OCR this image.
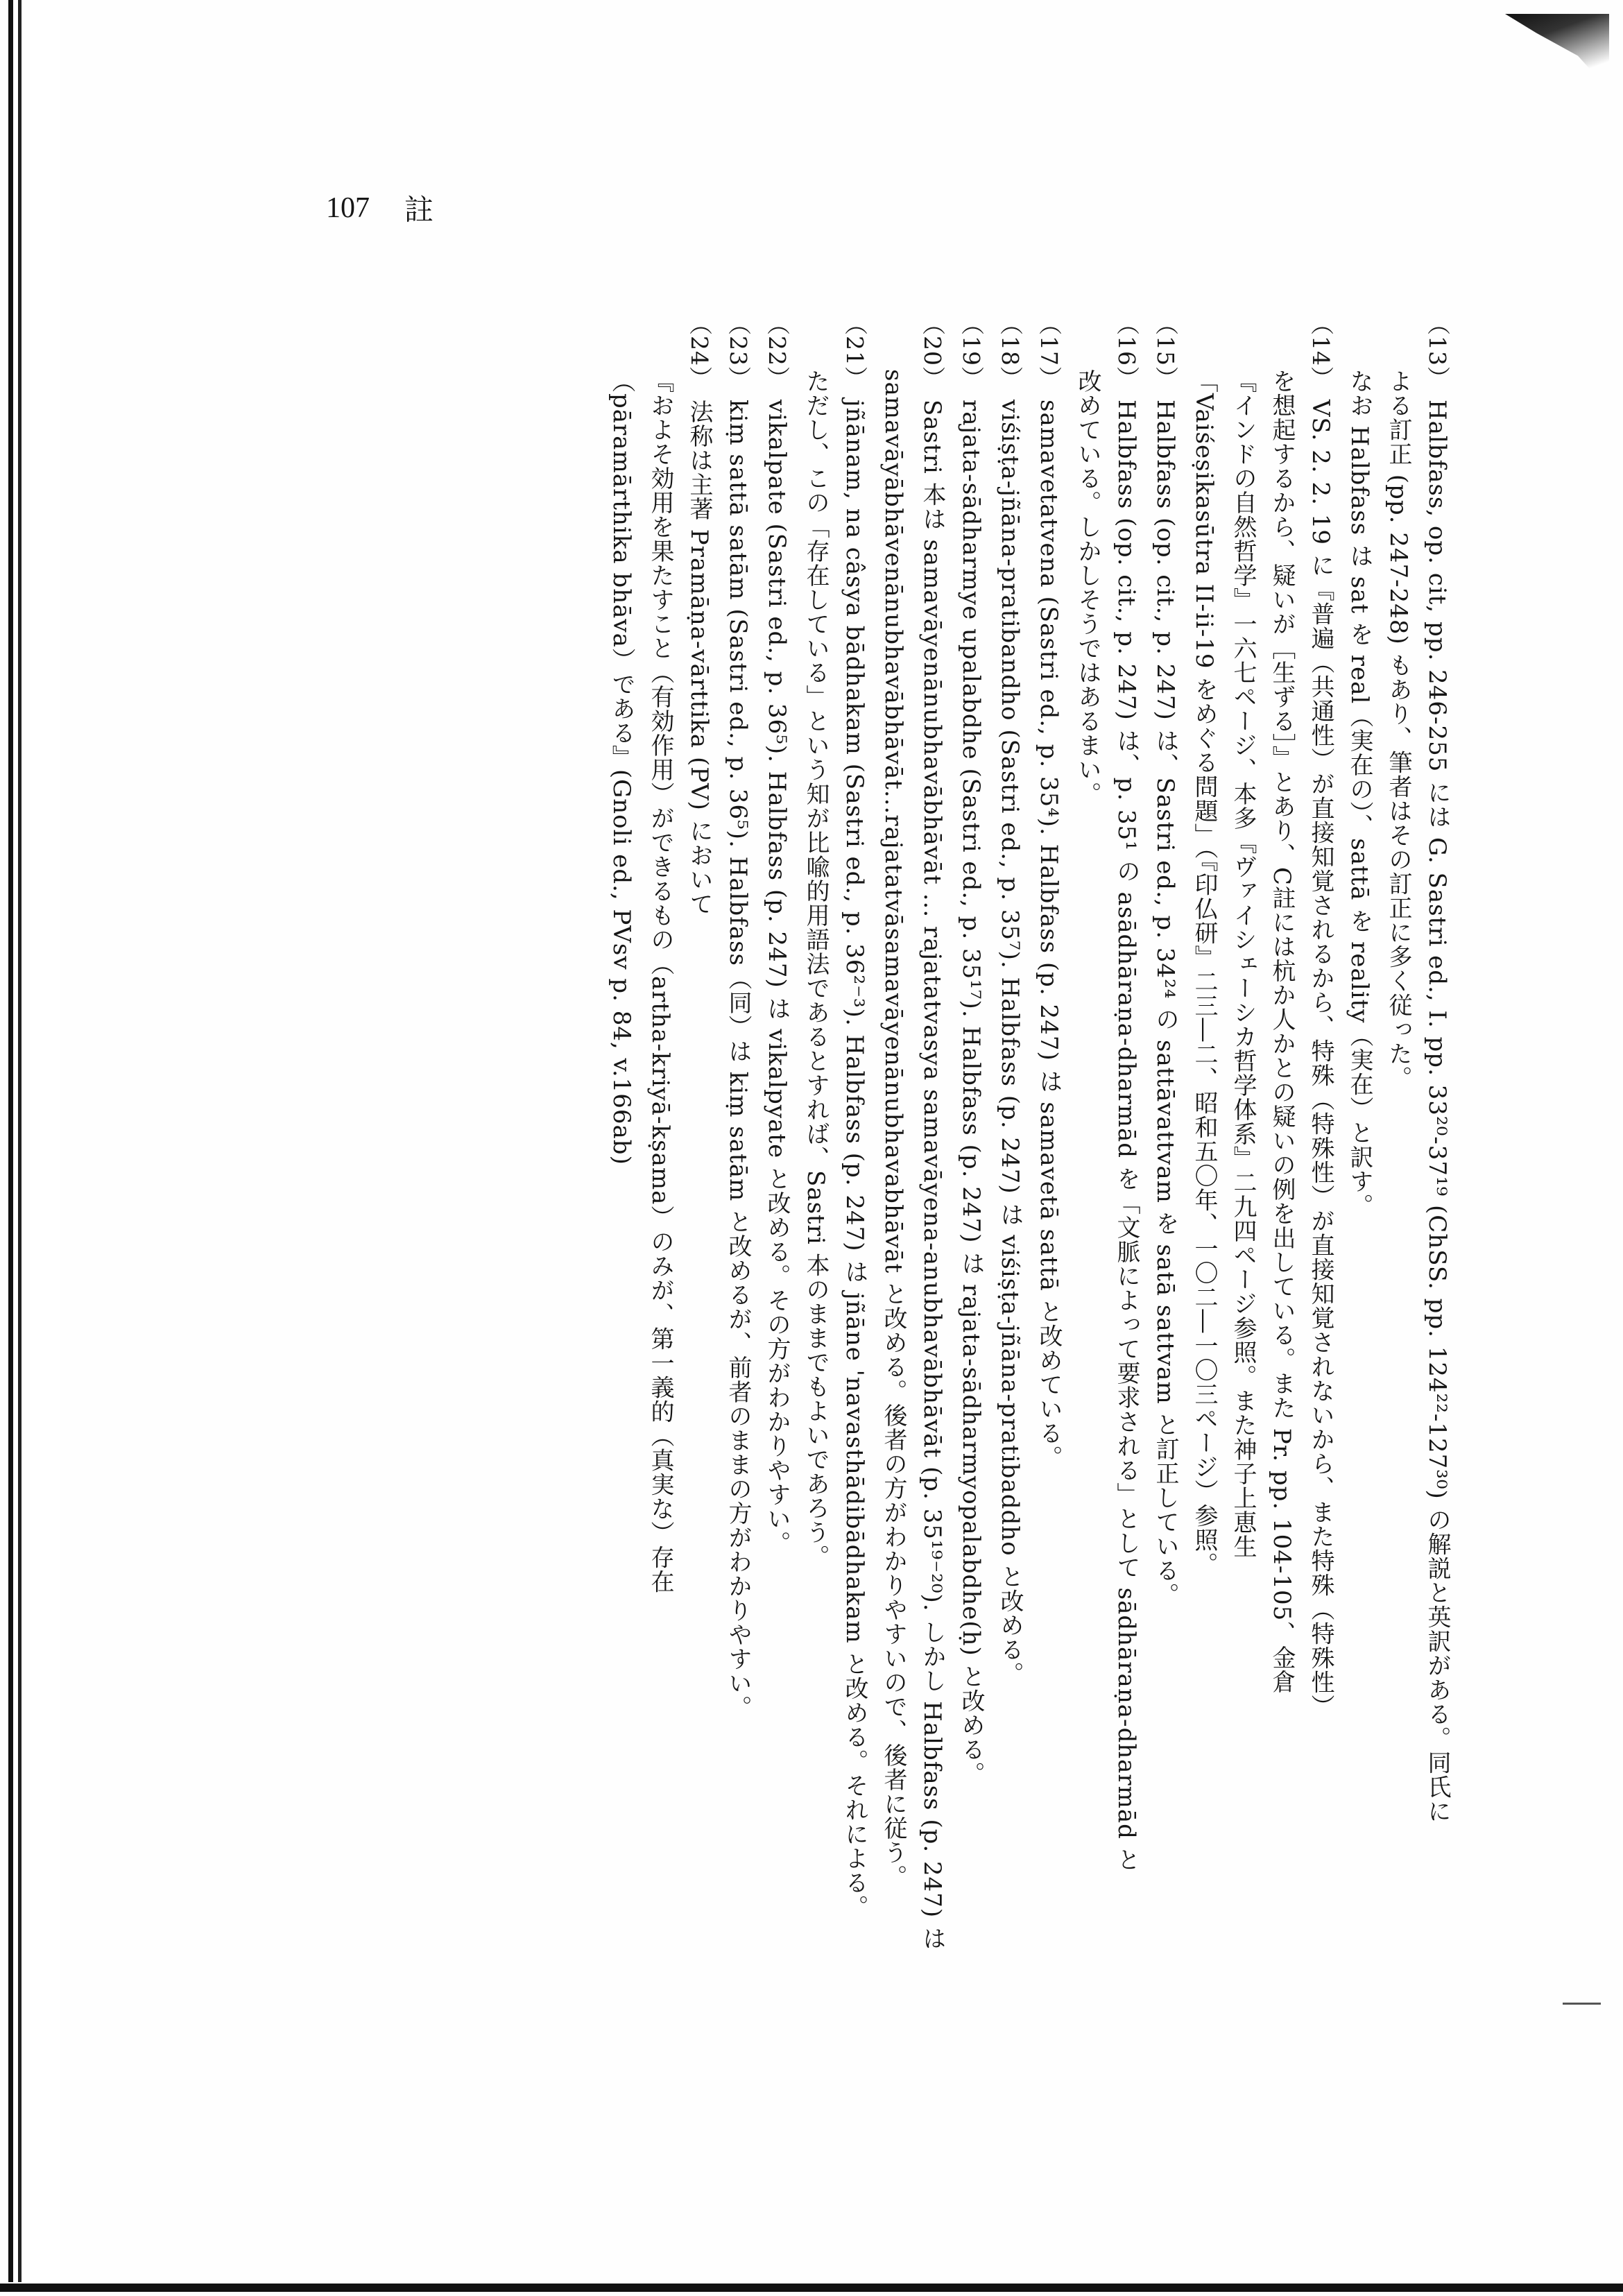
107 註
（13）Halbfass, op. cit, pp. 246-255 には G. Sastri ed., I. pp. 33²⁰-37¹⁹ (ChSS. pp. 124²²-127³⁰) の解説と英訳がある。同氏に
よる訂正 (pp. 247-248) もあり、筆者はその訂正に多く従った。
なお Halbfass は sat を real（実在の）、sattā を reality（実在）と訳す。
（14）VS. 2. 2. 19 に『普遍（共通性）が直接知覚されるから、特殊（特殊性）が直接知覚されないから、また特殊（特殊性）
を想起するから、疑いが［生ずる］』とあり、C註には杭か人かとの疑いの例を出している。また Pr. pp. 104-105、金倉
『インドの自然哲学』一六七ページ、本多『ヴァイシェーシカ哲学体系』二九四ページ参照。また神子上恵生
「Vaiśeṣikasūtra II-ii-19 をめぐる問題」（『印仏研』二三―二、昭和五〇年、一〇二―一〇三ページ）参照。
（15）Halbfass (op. cit., p. 247) は、Sastri ed., p. 34²⁴ の sattāvattvam を satā sattvam と訂正している。
（16）Halbfass (op. cit., p. 247) は、p. 35¹ の asādhāraṇa-dharmād を「文脈によって要求される」として sādhāraṇa-dharmād と
改めている。しかしそうではあるまい。
（17）samavetatvena (Sastri ed., p. 35⁴). Halbfass (p. 247) は samavetā sattā と改めている。
（18）viśiṣṭa-jñāna-pratibandho (Sastri ed., p. 35⁷). Halbfass (p. 247) は viśiṣṭa-jñāna-pratibaddho と改める。
（19）rajata-sādharmye upalabdhe (Sastri ed., p. 35¹⁷). Halbfass (p. 247) は rajata-sādharmyopalabdhe(ḥ) と改める。
（20）Sastri 本は samavāyenānubhavābhāvāt ... rajatatvasya samavāyena-anubhavābhāvāt (p. 35¹⁹⁻²⁰). しかし Halbfass (p. 247) は
samavāyābhāvenānubhavābhāvāt...rajatatvāsamavāyenānubhavabhāvāt と改める。後者の方がわかりやすいので、後者に従う。
（21）jñānam, na câsya bādhakam (Sastri ed., p. 36²⁻³). Halbfass (p. 247) は jñāne 'navasthādibādhakam と改める。それによる。
ただし、この「存在している」という知が比喩的用語法であるとすれば、Sastri 本のままでもよいであろう。
（22）vikalpate (Sastri ed., p. 36⁵). Halbfass (p. 247) は vikalpyate と改める。その方がわかりやすい。
（23）kiṃ sattā satām (Sastri ed., p. 36⁵). Halbfass（同）は kiṃ satām と改めるが、前者のままの方がわかりやすい。
（24）法称は主著 Pramāṇa-vārttika (PV) において
『およそ効用を果たすこと（有効作用）ができるもの（artha-kriyā-kṣama）のみが、第一義的（真実な）存在
（pāramārthika bhāva）である』(Gnoli ed., PVsv p. 84, v.166ab)
